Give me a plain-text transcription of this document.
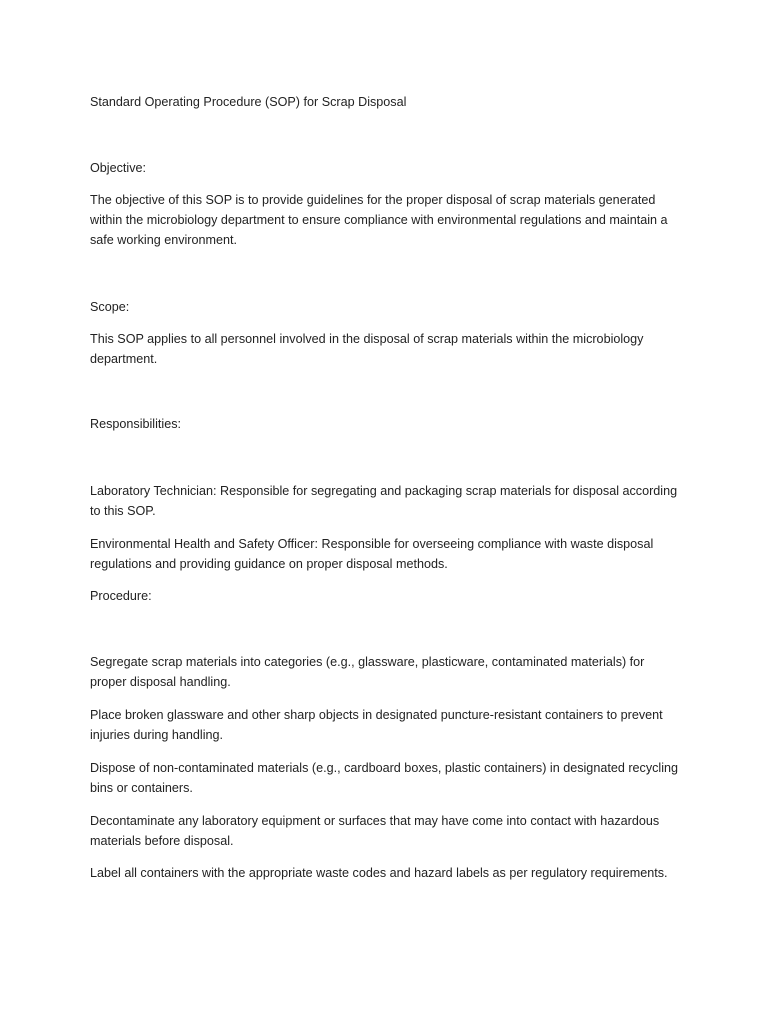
Standard Operating Procedure (SOP) for Scrap Disposal

Objective:

The objective of this SOP is to provide guidelines for the proper disposal of scrap materials generated within the microbiology department to ensure compliance with environmental regulations and maintain a safe working environment.

Scope:

This SOP applies to all personnel involved in the disposal of scrap materials within the microbiology department.

Responsibilities:

Laboratory Technician: Responsible for segregating and packaging scrap materials for disposal according to this SOP.

Environmental Health and Safety Officer: Responsible for overseeing compliance with waste disposal regulations and providing guidance on proper disposal methods.

Procedure:

Segregate scrap materials into categories (e.g., glassware, plasticware, contaminated materials) for proper disposal handling.

Place broken glassware and other sharp objects in designated puncture-resistant containers to prevent injuries during handling.

Dispose of non-contaminated materials (e.g., cardboard boxes, plastic containers) in designated recycling bins or containers.

Decontaminate any laboratory equipment or surfaces that may have come into contact with hazardous materials before disposal.

Label all containers with the appropriate waste codes and hazard labels as per regulatory requirements.
